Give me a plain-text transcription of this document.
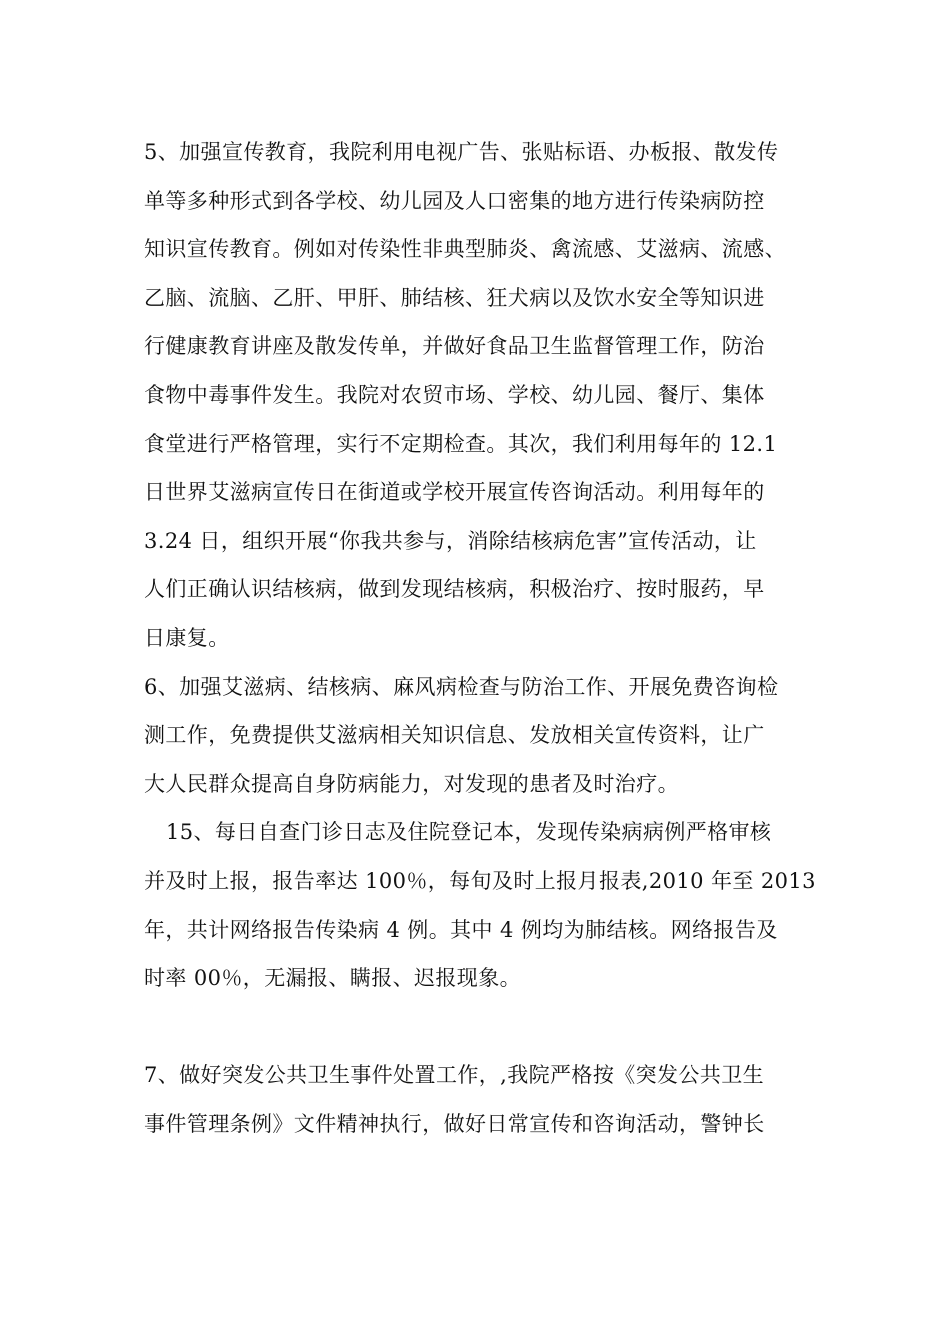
5、加强宣传教育，我院利用电视广告、张贴标语、办板报、散发传
单等多种形式到各学校、幼儿园及人口密集的地方进行传染病防控
知识宣传教育。例如对传染性非典型肺炎、禽流感、艾滋病、流感、
乙脑、流脑、乙肝、甲肝、肺结核、狂犬病以及饮水安全等知识进
行健康教育讲座及散发传单，并做好食品卫生监督管理工作，防治
食物中毒事件发生。我院对农贸市场、学校、幼儿园、餐厅、集体
食堂进行严格管理，实行不定期检查。其次，我们利用每年的 12.1
日世界艾滋病宣传日在街道或学校开展宣传咨询活动。利用每年的
3.24 日，组织开展“你我共参与，消除结核病危害”宣传活动，让
人们正确认识结核病，做到发现结核病，积极治疗、按时服药，早
日康复。
6、加强艾滋病、结核病、麻风病检查与防治工作、开展免费咨询检
测工作，免费提供艾滋病相关知识信息、发放相关宣传资料，让广
大人民群众提高自身防病能力，对发现的患者及时治疗。
15、每日自查门诊日志及住院登记本，发现传染病病例严格审核
并及时上报，报告率达 100％，每旬及时上报月报表,2010 年至 2013
年，共计网络报告传染病 4 例。其中 4 例均为肺结核。网络报告及
时率 00％，无漏报、瞒报、迟报现象。
7、做好突发公共卫生事件处置工作，,我院严格按《突发公共卫生
事件管理条例》文件精神执行，做好日常宣传和咨询活动，警钟长
